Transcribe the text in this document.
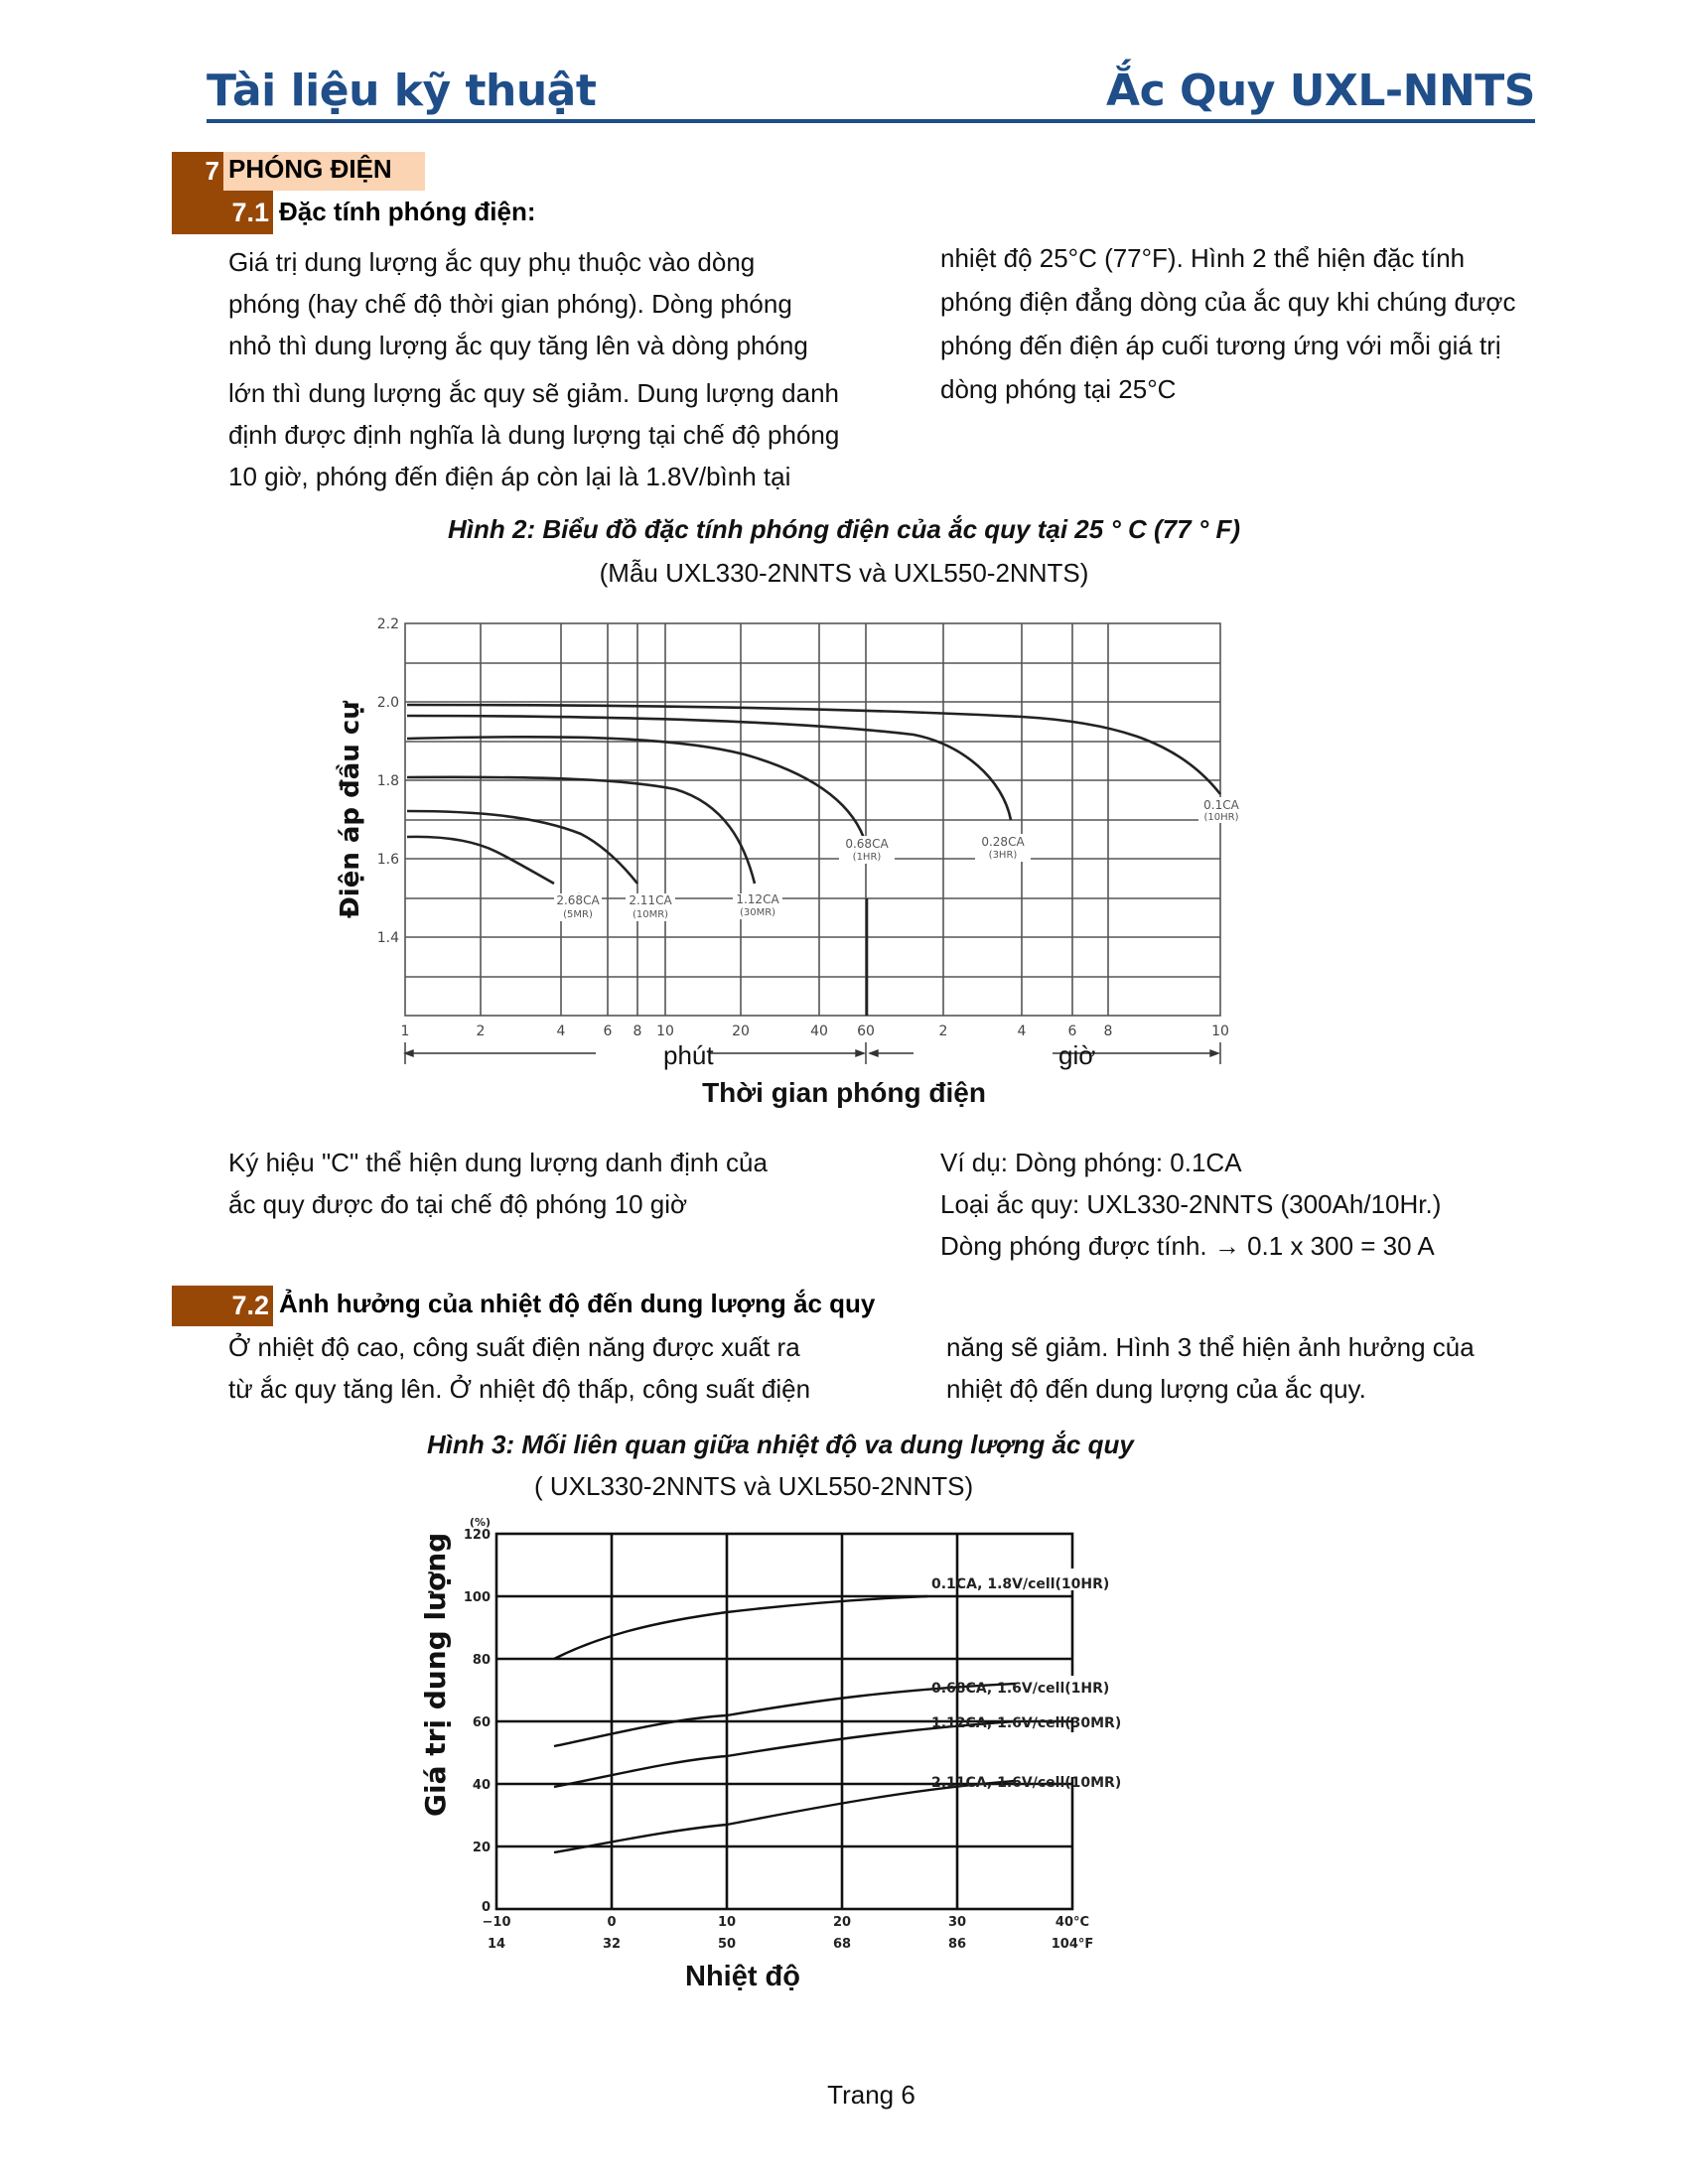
Tài liệu kỹ thuật	Ắc Quy UXL-NNTS
7 PHÓNG ĐIỆN
7.1 Đặc tính phóng điện:
Giá trị dung lượng ắc quy phụ thuộc vào dòng
phóng (hay chế độ thời gian phóng). Dòng phóng
nhỏ thì dung lượng ắc quy tăng lên và dòng phóng
lớn thì dung lượng ắc quy sẽ giảm. Dung lượng danh
định được định nghĩa là dung lượng tại chế độ phóng
10 giờ, phóng đến điện áp còn lại là 1.8V/bình tại
nhiệt độ 25°C (77°F). Hình 2 thể hiện đặc tính
phóng điện đẳng dòng của ắc quy khi chúng được
phóng đến điện áp cuối tương ứng với mỗi giá trị
dòng phóng tại 25°C
Hình 2: Biểu đồ đặc tính phóng điện của ắc quy tại 25 ° C (77 ° F)
(Mẫu UXL330-2NNTS và UXL550-2NNTS)
Điện áp đầu cự	2.68CA
(5MR)
2.11CA
(10MR)
1.12CA
(30MR)
0.68CA
(1HR)
0.28CA
(3HR)
0.1CA
(10HR)
2.2
2.0
1.8
1.6
1.4
1	2	4	6 8 10	20	40 60	2	4	6 8	10
phút	giờ
Thời gian phóng điện
Ký hiệu "C" thể hiện dung lượng danh định của
ắc quy được đo tại chế độ phóng 10 giờ
Ví dụ: Dòng phóng: 0.1CA
Loại ắc quy: UXL330-2NNTS (300Ah/10Hr.)
Dòng phóng được tính. → 0.1 x 300 = 30 A
7.2 Ảnh hưởng của nhiệt độ đến dung lượng ắc quy
Ở nhiệt độ cao, công suất điện năng được xuất ra
từ ắc quy tăng lên. Ở nhiệt độ thấp, công suất điện
năng sẽ giảm. Hình 3 thể hiện ảnh hưởng của
nhiệt độ đến dung lượng của ắc quy.
Hình 3: Mối liên quan giữa nhiệt độ va dung lượng ắc quy
( UXL330-2NNTS và UXL550-2NNTS)
Giá trị dung lượng	0.1CA, 1.8V/cell(10HR)
0.68CA, 1.6V/cell(1HR)
1.12CA, 1.6V/cell(30MR)
2.11CA, 1.6V/cell(10MR)
(%)
120
100
80
60
40
20
0
−10	0	10	20	30	40°C
14	32	50	68	86	104°F
Nhiệt độ
Trang 6
